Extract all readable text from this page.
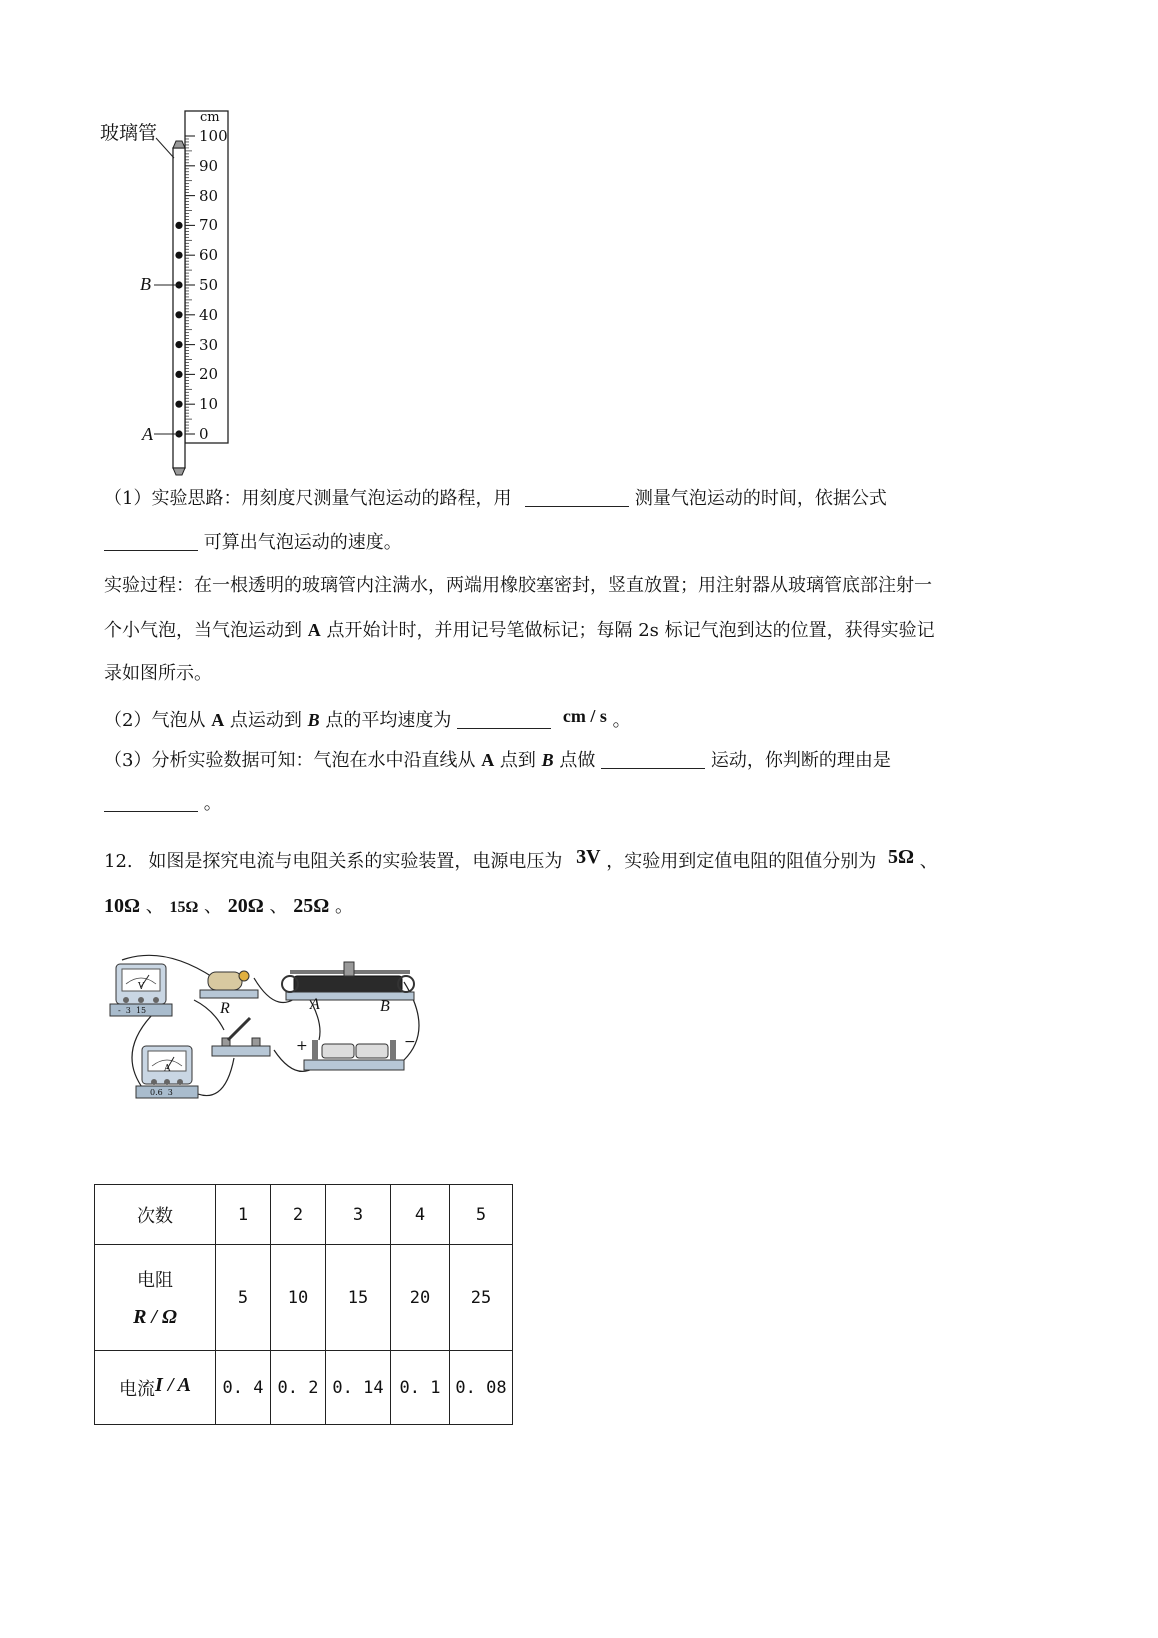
玻璃管
cm
B
A
100
90
80
70
60
50
40
30
20
10
0
（1）实验思路：用刻度尺测量气泡运动的路程，用	测量气泡运动的时间，依据公式
可算出气泡运动的速度。
实验过程：在一根透明的玻璃管内注满水，两端用橡胶塞密封，竖直放置；用注射器从玻璃管底部注射一
个小气泡，当气泡运动到 A 点开始计时，并用记号笔做标记；每隔 2s 标记气泡到达的位置，获得实验记
录如图所示。
（2）气泡从 A 点运动到 B 点的平均速度为	cm / s 。
（3）分析实验数据可知：气泡在水中沿直线从 A 点到 B 点做	运动，你判断的理由是
。
12. 如图是探究电流与电阻关系的实验装置，电源电压为 3V ，实验用到定值电阻的阻值分别为 5Ω 、
10Ω 、 15Ω 、 20Ω 、 25Ω 。
V
-  3  15
A
0.6  3
R	A	B
+	−
次数	1	2	3	4	5

电阻
R / Ω	5	10	15	20	25
电流I / A	0. 4	0. 2	0. 14	0. 1	0. 08
